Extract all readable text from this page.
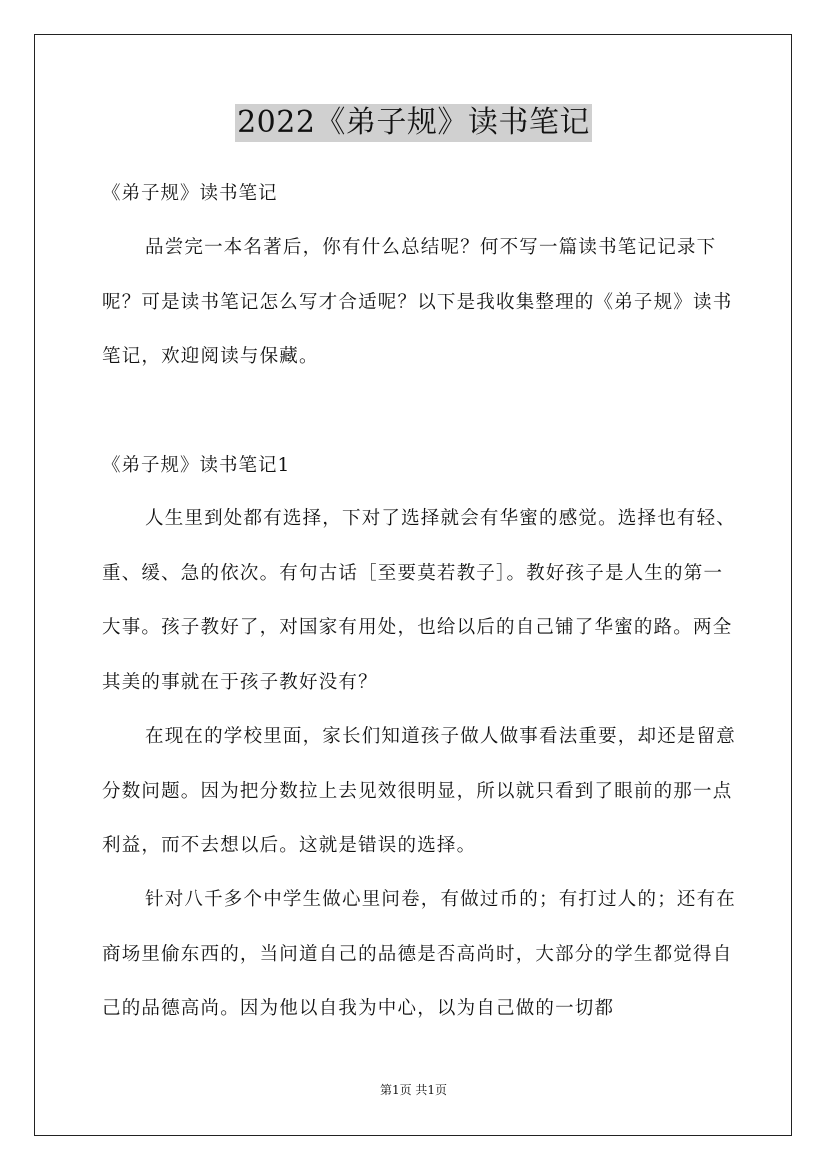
2022《弟子规》读书笔记

《弟子规》读书笔记

品尝完一本名著后，你有什么总结呢？何不写一篇读书笔记记录下呢？可是读书笔记怎么写才合适呢？以下是我收集整理的《弟子规》读书笔记，欢迎阅读与保藏。

《弟子规》读书笔记1

人生里到处都有选择，下对了选择就会有华蜜的感觉。选择也有轻、重、缓、急的依次。有句古话［至要莫若教子］。教好孩子是人生的第一大事。孩子教好了，对国家有用处，也给以后的自己铺了华蜜的路。两全其美的事就在于孩子教好没有？

在现在的学校里面，家长们知道孩子做人做事看法重要，却还是留意分数问题。因为把分数拉上去见效很明显，所以就只看到了眼前的那一点利益，而不去想以后。这就是错误的选择。

针对八千多个中学生做心里问卷，有做过币的；有打过人的；还有在商场里偷东西的，当问道自己的品德是否高尚时，大部分的学生都觉得自己的品德高尚。因为他以自我为中心，以为自己做的一切都

第1页 共1页
